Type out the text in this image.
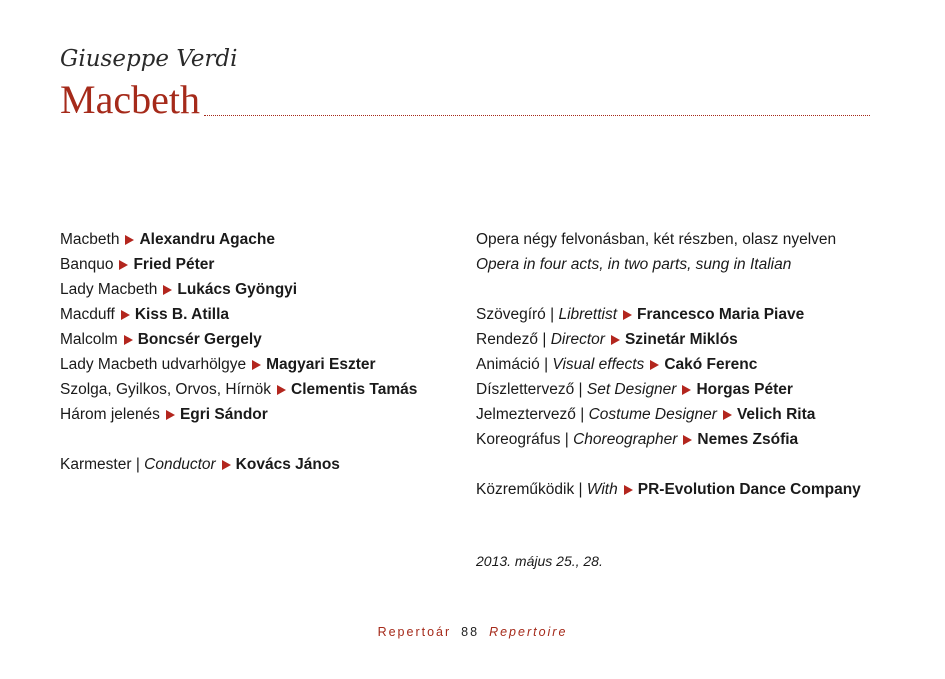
Giuseppe Verdi
Macbeth
Macbeth Alexandru Agache
Banquo Fried Péter
Lady Macbeth Lukács Gyöngyi
Macduff Kiss B. Atilla
Malcolm Boncsér Gergely
Lady Macbeth udvarhölgye Magyari Eszter
Szolga, Gyilkos, Orvos, Hírnök Clementis Tamás
Három jelenés Egri Sándor
Karmester | Conductor Kovács János
Opera négy felvonásban, két részben, olasz nyelven
Opera in four acts, in two parts, sung in Italian
Szövegíró | Librettist Francesco Maria Piave
Rendező | Director Szinetár Miklós
Animáció | Visual effects Cakó Ferenc
Díszlettervező | Set Designer Horgas Péter
Jelmeztervező | Costume Designer Velich Rita
Koreográfus | Choreographer Nemes Zsófia
Közreműködik | With PR-Evolution Dance Company
2013. május 25., 28.
Repertoár 88 Repertoire
